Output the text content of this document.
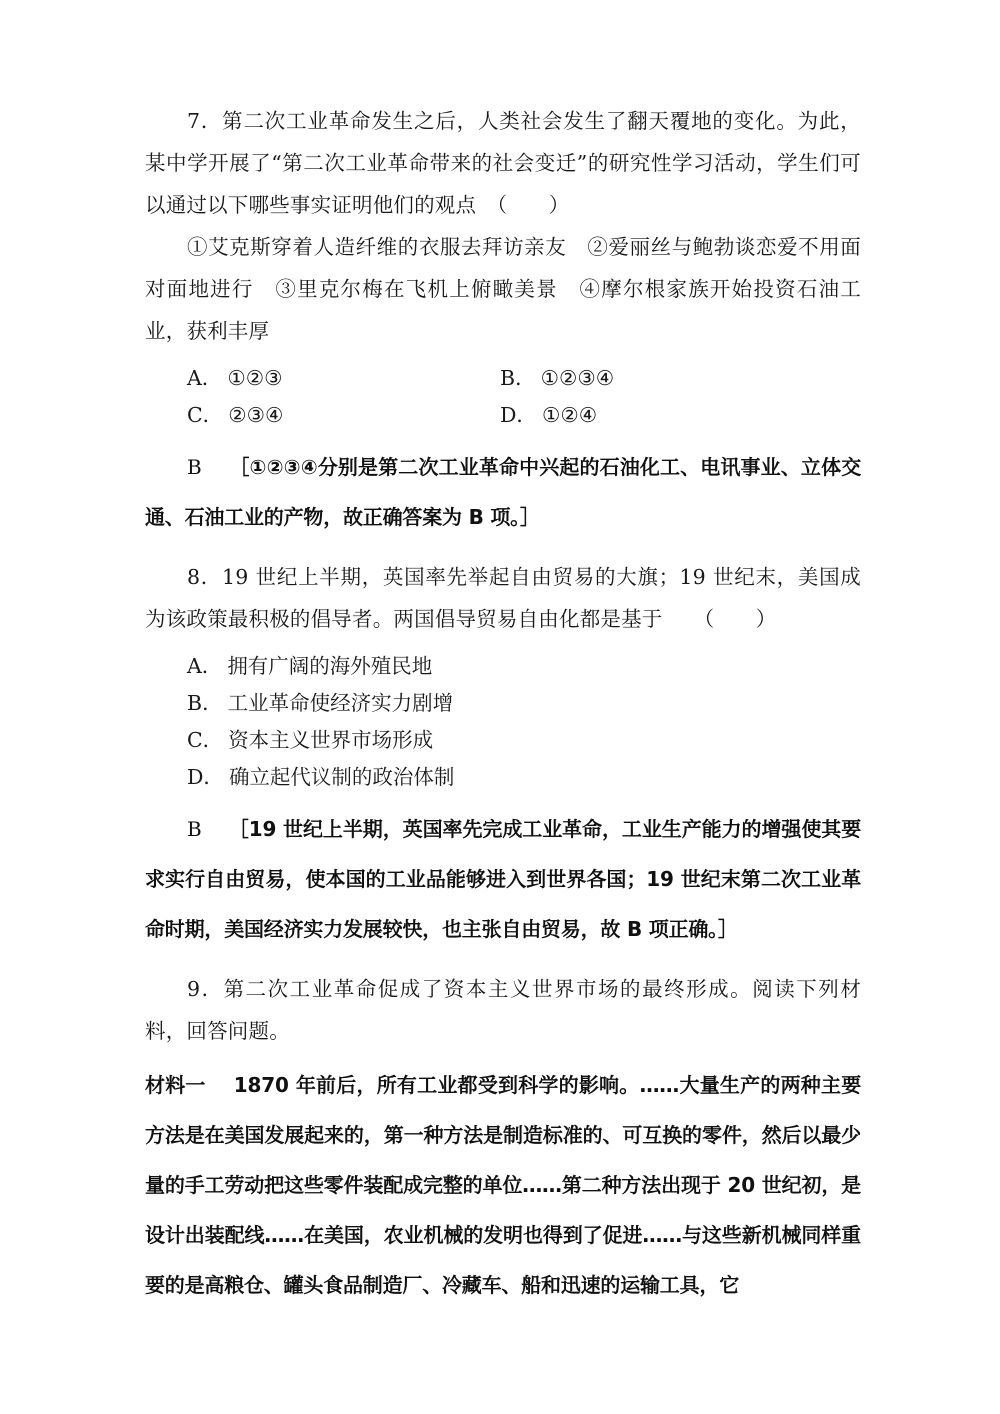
7．第二次工业革命发生之后，人类社会发生了翻天覆地的变化。为此，某中学开展了“第二次工业革命带来的社会变迁”的研究性学习活动，学生们可以通过以下哪些事实证明他们的观点　（　　）

①艾克斯穿着人造纤维的衣服去拜访亲友　②爱丽丝与鲍勃谈恋爱不用面对面地进行　③里克尔梅在飞机上俯瞰美景　④摩尔根家族开始投资石油工业，获利丰厚

A． ①②③	B． ①②③④
C． ②③④	D． ①②④

B ［①②③④分别是第二次工业革命中兴起的石油化工、电讯事业、立体交通、石油工业的产物，故正确答案为 B 项。］

8．19 世纪上半期，英国率先举起自由贸易的大旗；19 世纪末，美国成为该政策最积极的倡导者。两国倡导贸易自由化都是基于　　（　　）

A． 拥有广阔的海外殖民地
B． 工业革命使经济实力剧增
C． 资本主义世界市场形成
D． 确立起代议制的政治体制

B ［19 世纪上半期，英国率先完成工业革命，工业生产能力的增强使其要求实行自由贸易，使本国的工业品能够进入到世界各国；19 世纪末第二次工业革命时期，美国经济实力发展较快，也主张自由贸易，故 B 项正确。］

9．第二次工业革命促成了资本主义世界市场的最终形成。阅读下列材料，回答问题。

材料一 1870 年前后，所有工业都受到科学的影响。……大量生产的两种主要方法是在美国发展起来的，第一种方法是制造标准的、可互换的零件，然后以最少量的手工劳动把这些零件装配成完整的单位……第二种方法出现于 20 世纪初，是设计出装配线……在美国，农业机械的发明也得到了促进……与这些新机械同样重要的是高粮仓、罐头食品制造厂、冷藏车、船和迅速的运输工具，它
